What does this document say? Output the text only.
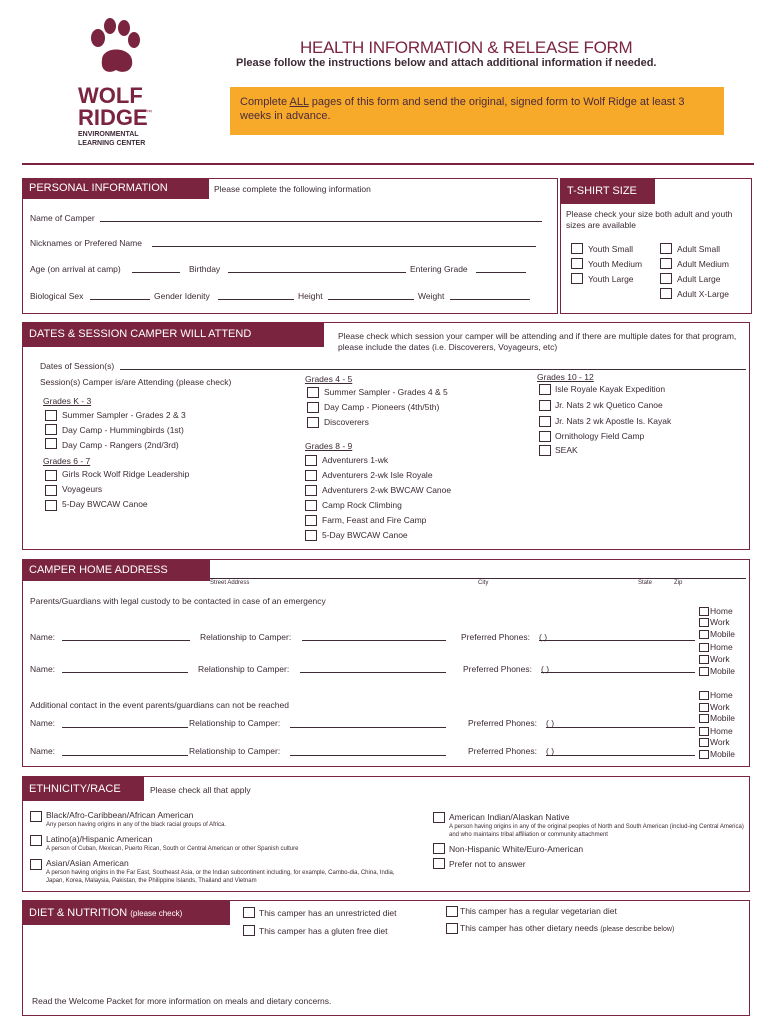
WOLF
RIDGE
™
ENVIRONMENTAL
LEARNING CENTER
HEALTH INFORMATION & RELEASE FORM
Please follow the instructions below and attach additional information if needed.
Complete ALL pages of this form and send the original, signed form to Wolf Ridge at least 3 weeks in advance.
PERSONAL INFORMATION	Please complete the following information
Name of Camper
Nicknames or Prefered Name
Age (on arrival at camp)	Birthday	Entering Grade
Biological Sex	Gender Idenity	Height	Weight
T-SHIRT SIZE
Please check your size both adult and youth sizes are available
Youth Small
Youth Medium
Youth Large
Adult Small
Adult Medium
Adult Large
Adult X-Large
DATES & SESSION CAMPER WILL ATTEND	Please check which session your camper will be attending and if there are multiple dates for that program, please include the dates (i.e. Discoverers, Voyageurs, etc)
Dates of Session(s)
Session(s) Camper is/are Attending (please check)
Grades K - 3
Summer Sampler - Grades 2 & 3
Day Camp - Hummingbirds (1st)
Day Camp - Rangers (2nd/3rd)
Grades 6 - 7
Girls Rock Wolf Ridge Leadership
Voyageurs
5-Day BWCAW Canoe
Grades 4 - 5
Summer Sampler - Grades 4 & 5
Day Camp - Pioneers (4th/5th)
Discoverers
Grades 8 - 9
Adventurers 1-wk
Adventurers 2-wk Isle Royale
Adventurers 2-wk BWCAW Canoe
Camp Rock Climbing
Farm, Feast and Fire Camp
5-Day BWCAW Canoe
Grades 10 - 12
Isle Royale Kayak Expedition
Jr. Nats 2 wk Quetico Canoe
Jr. Nats 2 wk Apostle Is. Kayak
Ornithology Field Camp
SEAK
CAMPER HOME ADDRESS
Street Address	City	State	Zip
Parents/Guardians with legal custody to be contacted in case of an emergency
Name:	Relationship to Camper:	Preferred Phones: ( )
Home
Work
Mobile
Name:	Relationship to Camper:	Preferred Phones: ( )
Home
Work
Mobile
Additional contact in the event parents/guardians can not be reached
Name:	Relationship to Camper:	Preferred Phones: ( )
Home
Work
Mobile
Name:	Relationship to Camper:	Preferred Phones: ( )
Home
Work
Mobile
ETHNICITY/RACE	Please check all that apply
Black/Afro-Caribbean/African American
Any person having origins in any of the black racial groups of Africa.
Latino(a)/Hispanic American
A person of Cuban, Mexican, Puerto Rican, South or Central American or other Spanish culture
Asian/Asian American
A person having origins in the Far East, Southeast Asia, or the Indian subcontinent including, for example, Cambo-dia, China, India, Japan, Korea, Malaysia, Pakistan, the Philippine Islands, Thailand and Vietnam
American Indian/Alaskan Native
A person having origins in any of the original peoples of North and South American (includ-ing Central America) and who maintains tribal affiliation or community attachment
Non-Hispanic White/Euro-American
Prefer not to answer
DIET & NUTRITION (please check)	This camper has an unrestricted diet
This camper has a gluten free diet
This camper has a regular vegetarian diet
This camper has other dietary needs (please describe below)
Read the Welcome Packet for more information on meals and dietary concerns.
